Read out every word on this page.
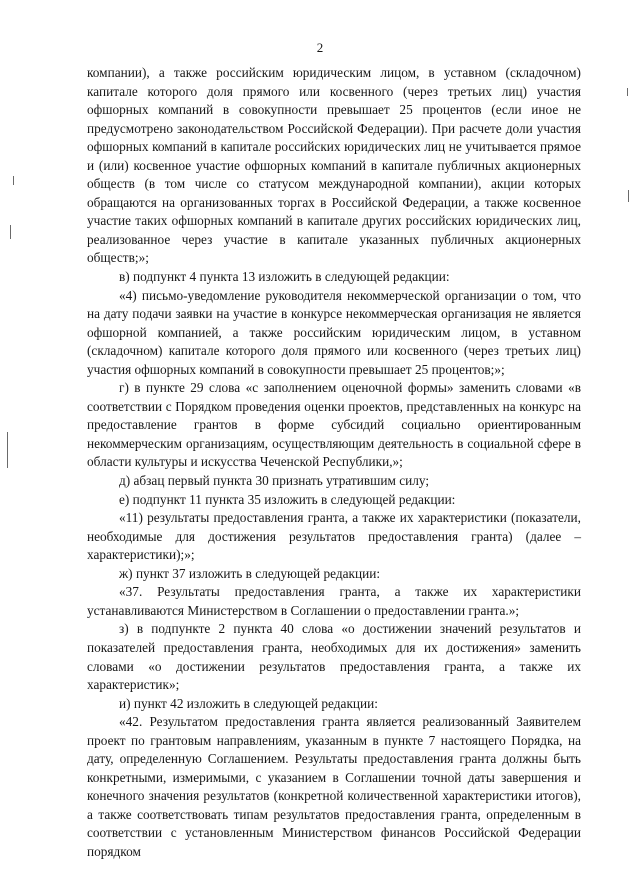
2

компании), а также российским юридическим лицом, в уставном (складочном) капитале которого доля прямого или косвенного (через третьих лиц) участия офшорных компаний в совокупности превышает 25 процентов (если иное не предусмотрено законодательством Российской Федерации). При расчете доли участия офшорных компаний в капитале российских юридических лиц не учитывается прямое и (или) косвенное участие офшорных компаний в капитале публичных акционерных обществ (в том числе со статусом международной компании), акции которых обращаются на организованных торгах в Российской Федерации, а также косвенное участие таких офшорных компаний в капитале других российских юридических лиц, реализованное через участие в капитале указанных публичных акционерных обществ;»;

в) подпункт 4 пункта 13 изложить в следующей редакции:

«4) письмо-уведомление руководителя некоммерческой организации о том, что на дату подачи заявки на участие в конкурсе некоммерческая организация не является офшорной компанией, а также российским юридическим лицом, в уставном (складочном) капитале которого доля прямого или косвенного (через третьих лиц) участия офшорных компаний в совокупности превышает 25 процентов;»;

г) в пункте 29 слова «с заполнением оценочной формы» заменить словами «в соответствии с Порядком проведения оценки проектов, представленных на конкурс на предоставление грантов в форме субсидий социально ориентированным некоммерческим организациям, осуществляющим деятельность в социальной сфере в области культуры и искусства Чеченской Республики,»;

д) абзац первый пункта 30 признать утратившим силу;

е) подпункт 11 пункта 35 изложить в следующей редакции:

«11) результаты предоставления гранта, а также их характеристики (показатели, необходимые для достижения результатов предоставления гранта) (далее – характеристики);»;

ж) пункт 37 изложить в следующей редакции:

«37. Результаты предоставления гранта, а также их характеристики устанавливаются Министерством в Соглашении о предоставлении гранта.»;

з) в подпункте 2 пункта 40 слова «о достижении значений результатов и показателей предоставления гранта, необходимых для их достижения» заменить словами «о достижении результатов предоставления гранта, а также их характеристик»;

и) пункт 42 изложить в следующей редакции:

«42. Результатом предоставления гранта является реализованный Заявителем проект по грантовым направлениям, указанным в пункте 7 настоящего Порядка, на дату, определенную Соглашением. Результаты предоставления гранта должны быть конкретными, измеримыми, с указанием в Соглашении точной даты завершения и конечного значения результатов (конкретной количественной характеристики итогов), а также соответствовать типам результатов предоставления гранта, определенным в соответствии с установленным Министерством финансов Российской Федерации порядком
